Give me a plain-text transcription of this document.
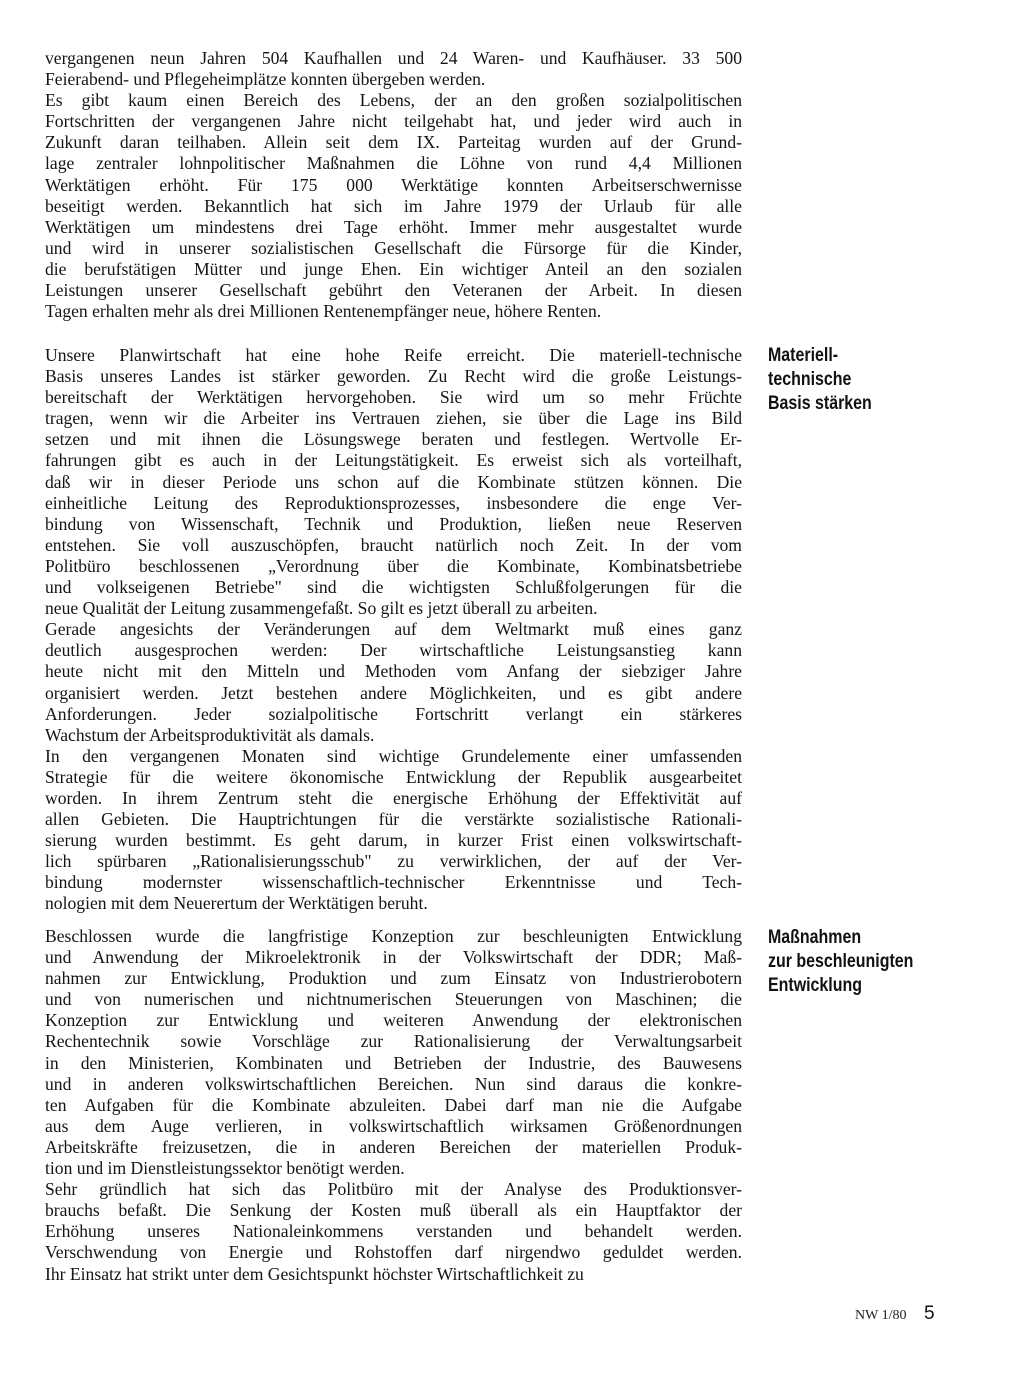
vergangenen neun Jahren 504 Kaufhallen und 24 Waren- und Kaufhäuser. 33 500
Feierabend- und Pflegeheimplätze konnten übergeben werden.
Es gibt kaum einen Bereich des Lebens, der an den großen sozialpolitischen
Fortschritten der vergangenen Jahre nicht teilgehabt hat, und jeder wird auch in
Zukunft daran teilhaben. Allein seit dem IX. Parteitag wurden auf der Grund-
lage zentraler lohnpolitischer Maßnahmen die Löhne von rund 4,4 Millionen
Werktätigen erhöht. Für 175 000 Werktätige konnten Arbeitserschwernisse
beseitigt werden. Bekanntlich hat sich im Jahre 1979 der Urlaub für alle
Werktätigen um mindestens drei Tage erhöht. Immer mehr ausgestaltet wurde
und wird in unserer sozialistischen Gesellschaft die Fürsorge für die Kinder,
die berufstätigen Mütter und junge Ehen. Ein wichtiger Anteil an den sozialen
Leistungen unserer Gesellschaft gebührt den Veteranen der Arbeit. In diesen
Tagen erhalten mehr als drei Millionen Rentenempfänger neue, höhere Renten.
Unsere Planwirtschaft hat eine hohe Reife erreicht. Die materiell-technische
Basis unseres Landes ist stärker geworden. Zu Recht wird die große Leistungs-
bereitschaft der Werktätigen hervorgehoben. Sie wird um so mehr Früchte
tragen, wenn wir die Arbeiter ins Vertrauen ziehen, sie über die Lage ins Bild
setzen und mit ihnen die Lösungswege beraten und festlegen. Wertvolle Er-
fahrungen gibt es auch in der Leitungstätigkeit. Es erweist sich als vorteilhaft,
daß wir in dieser Periode uns schon auf die Kombinate stützen können. Die
einheitliche Leitung des Reproduktionsprozesses, insbesondere die enge Ver-
bindung von Wissenschaft, Technik und Produktion, ließen neue Reserven
entstehen. Sie voll auszuschöpfen, braucht natürlich noch Zeit. In der vom
Politbüro beschlossenen „Verordnung über die Kombinate, Kombinatsbetriebe
und volkseigenen Betriebe" sind die wichtigsten Schlußfolgerungen für die
neue Qualität der Leitung zusammengefaßt. So gilt es jetzt überall zu arbeiten.
Gerade angesichts der Veränderungen auf dem Weltmarkt muß eines ganz
deutlich ausgesprochen werden: Der wirtschaftliche Leistungsanstieg kann
heute nicht mit den Mitteln und Methoden vom Anfang der siebziger Jahre
organisiert werden. Jetzt bestehen andere Möglichkeiten, und es gibt andere
Anforderungen. Jeder sozialpolitische Fortschritt verlangt ein stärkeres
Wachstum der Arbeitsproduktivität als damals.
In den vergangenen Monaten sind wichtige Grundelemente einer umfassenden
Strategie für die weitere ökonomische Entwicklung der Republik ausgearbeitet
worden. In ihrem Zentrum steht die energische Erhöhung der Effektivität auf
allen Gebieten. Die Hauptrichtungen für die verstärkte sozialistische Rationali-
sierung wurden bestimmt. Es geht darum, in kurzer Frist einen volkswirtschaft-
lich spürbaren „Rationalisierungsschub" zu verwirklichen, der auf der Ver-
bindung modernster wissenschaftlich-technischer Erkenntnisse und Tech-
nologien mit dem Neuerertum der Werktätigen beruht.
Beschlossen wurde die langfristige Konzeption zur beschleunigten Entwicklung
und Anwendung der Mikroelektronik in der Volkswirtschaft der DDR; Maß-
nahmen zur Entwicklung, Produktion und zum Einsatz von Industrierobotern
und von numerischen und nichtnumerischen Steuerungen von Maschinen; die
Konzeption zur Entwicklung und weiteren Anwendung der elektronischen
Rechentechnik sowie Vorschläge zur Rationalisierung der Verwaltungsarbeit
in den Ministerien, Kombinaten und Betrieben der Industrie, des Bauwesens
und in anderen volkswirtschaftlichen Bereichen. Nun sind daraus die konkre-
ten Aufgaben für die Kombinate abzuleiten. Dabei darf man nie die Aufgabe
aus dem Auge verlieren, in volkswirtschaftlich wirksamen Größenordnungen
Arbeitskräfte freizusetzen, die in anderen Bereichen der materiellen Produk-
tion und im Dienstleistungssektor benötigt werden.
Sehr gründlich hat sich das Politbüro mit der Analyse des Produktionsver-
brauchs befaßt. Die Senkung der Kosten muß überall als ein Hauptfaktor der
Erhöhung unseres Nationaleinkommens verstanden und behandelt werden.
Verschwendung von Energie und Rohstoffen darf nirgendwo geduldet werden.
Ihr Einsatz hat strikt unter dem Gesichtspunkt höchster Wirtschaftlichkeit zu
Materiell-
technische
Basis stärken
Maßnahmen
zur beschleunigten
Entwicklung
NW 1/80 5
